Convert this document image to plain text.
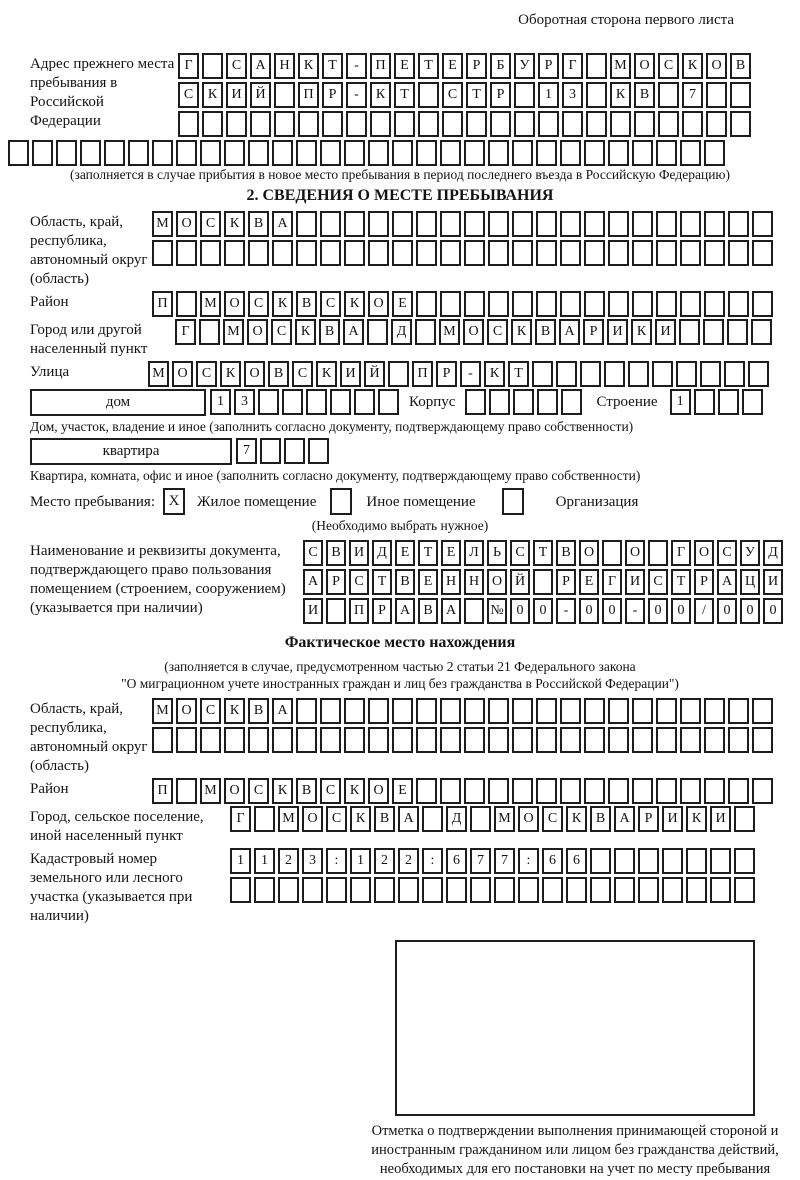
Оборотная сторона первого листа
Адрес прежнего места пребывания в Российской Федерации
Г	С	А Н	К	Т	-	П	Е	Т	Е	Р	Б	У	Р	Г	М О	С	К	О	В
С	К	И Й	П	Р	-	К	Т	С	Т	Р	1	3	К	В	7
(заполняется в случае прибытия в новое место пребывания в период последнего въезда в Российскую Федерацию)
2. СВЕДЕНИЯ О МЕСТЕ ПРЕБЫВАНИЯ
Область, край, республика, автономный округ (область)
М О	С	К	В	А
Район	П	М О	С	К	В	С	К	О	Е
Город или другой населенный пункт
Г	М О	С	К	В	А	Д	М О	С	К	В	А	Р	И	К	И
Улица	М О	С	К	О	В	С	К	И Й	П	Р	-	К	Т
дом	1	3	Корпус	Строение	1
Дом, участок, владение и иное (заполнить согласно документу, подтверждающему право собственности)
квартира	7
Квартира, комната, офис и иное (заполнить согласно документу, подтверждающему право собственности)
Место пребывания: X	Жилое помещение	Иное помещение	Организация
(Необходимо выбрать нужное)
Наименование и реквизиты документа, подтверждающего право пользования помещением (строением, сооружением) (указывается при наличии)
С В И Д Е	Т	Е Л	Ь	С	Т	В О	О	Г О С У Д
А	Р	С	Т	В	Е Н Н О Й	Р	Е	Г И С	Т	Р	А Ц И
И	П	Р	А В А	№ 0	0	-	0	0	-	0	0	/	0	0	0
Фактическое место нахождения
(заполняется в случае, предусмотренном частью 2 статьи 21 Федерального закона
"О миграционном учете иностранных граждан и лиц без гражданства в Российской Федерации")
Область, край, республика, автономный округ (область)
М О	С	К	В	А
Район	П	М О	С	К	В	С	К	О	Е
Город, сельское поселение, иной населенный пункт
Г	М О	С	К	В	А	Д	М О	С	К	В	А	Р	И	К	И
Кадастровый номер земельного или лесного участка (указывается при наличии)
1	1	2	3	:	1	2	2	:	6	7	7	:	6	6
Отметка о подтверждении выполнения принимающей стороной и иностранным гражданином или лицом без гражданства действий, необходимых для его постановки на учет по месту пребывания
